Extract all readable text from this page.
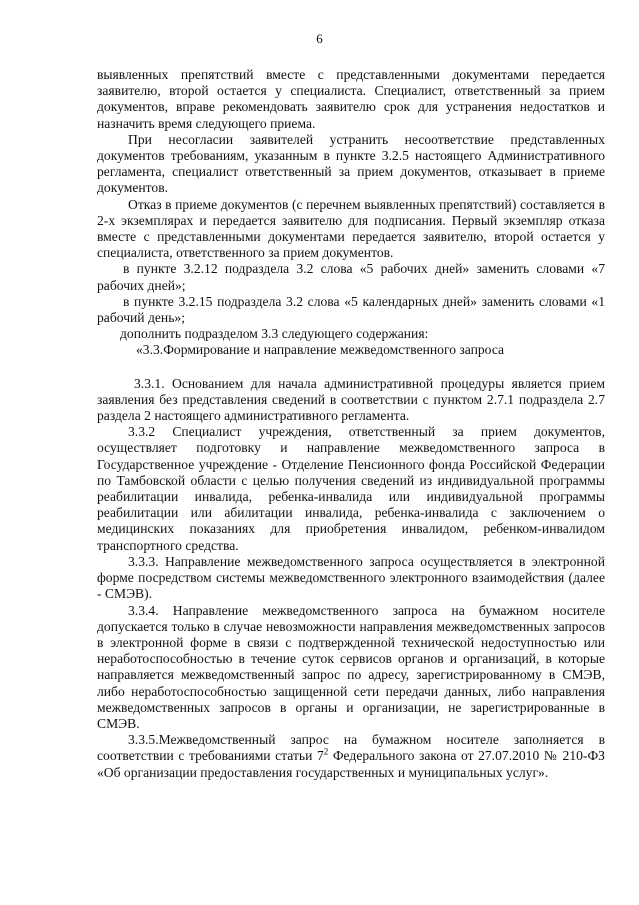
6

выявленных препятствий вместе с представленными документами передается заявителю, второй остается у специалиста. Специалист, ответственный за прием документов, вправе рекомендовать заявителю срок для устранения недостатков и назначить время следующего приема.

При несогласии заявителей устранить несоответствие представленных документов требованиям, указанным в пункте 3.2.5 настоящего Административного регламента, специалист ответственный за прием документов, отказывает в приеме документов.

Отказ в приеме документов (с перечнем выявленных препятствий) составляется в 2-х экземплярах и передается заявителю для подписания. Первый экземпляр отказа вместе с представленными документами передается заявителю, второй остается у специалиста, ответственного за прием документов.

в пункте 3.2.12 подраздела 3.2 слова «5 рабочих дней» заменить словами «7 рабочих дней»;

в пункте 3.2.15 подраздела 3.2 слова «5 календарных дней» заменить словами «1 рабочий день»;

дополнить подразделом 3.3 следующего содержания:

«3.3.Формирование и направление межведомственного запроса

3.3.1. Основанием для начала административной процедуры является прием заявления без представления сведений в соответствии с пунктом 2.7.1 подраздела 2.7 раздела 2 настоящего административного регламента.

3.3.2 Специалист учреждения, ответственный за прием документов, осуществляет подготовку и направление межведомственного запроса в Государственное учреждение - Отделение Пенсионного фонда Российской Федерации по Тамбовской области с целью получения сведений из индивидуальной программы реабилитации инвалида, ребенка-инвалида или индивидуальной программы реабилитации или абилитации инвалида, ребенка-инвалида с заключением о медицинских показаниях для приобретения инвалидом, ребенком-инвалидом транспортного средства.

3.3.3. Направление межведомственного запроса осуществляется в электронной форме посредством системы межведомственного электронного взаимодействия (далее - СМЭВ).

3.3.4. Направление межведомственного запроса на бумажном носителе допускается только в случае невозможности направления межведомственных запросов в электронной форме в связи с подтвержденной технической недоступностью или неработоспособностью в течение суток сервисов органов и организаций, в которые направляется межведомственный запрос по адресу, зарегистрированному в СМЭВ, либо неработоспособностью защищенной сети передачи данных, либо направления межведомственных запросов в органы и организации, не зарегистрированные в СМЭВ.

3.3.5.Межведомственный запрос на бумажном носителе заполняется в соответствии с требованиями статьи $7^2$ Федерального закона от 27.07.2010 № 210-ФЗ «Об организации предоставления государственных и муниципальных услуг».
